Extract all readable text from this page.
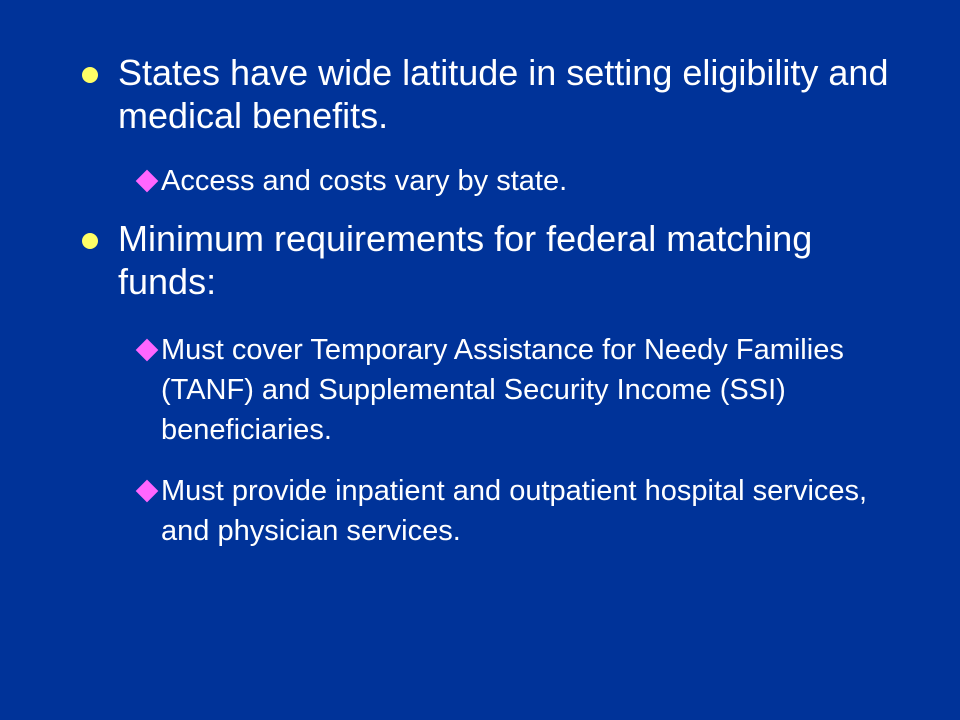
States have wide latitude in setting eligibility and medical benefits.
Access and costs vary by state.
Minimum requirements for federal matching funds:
Must cover Temporary Assistance for Needy Families (TANF) and Supplemental Security Income (SSI) beneficiaries.
Must provide inpatient and outpatient hospital services, and physician services.
